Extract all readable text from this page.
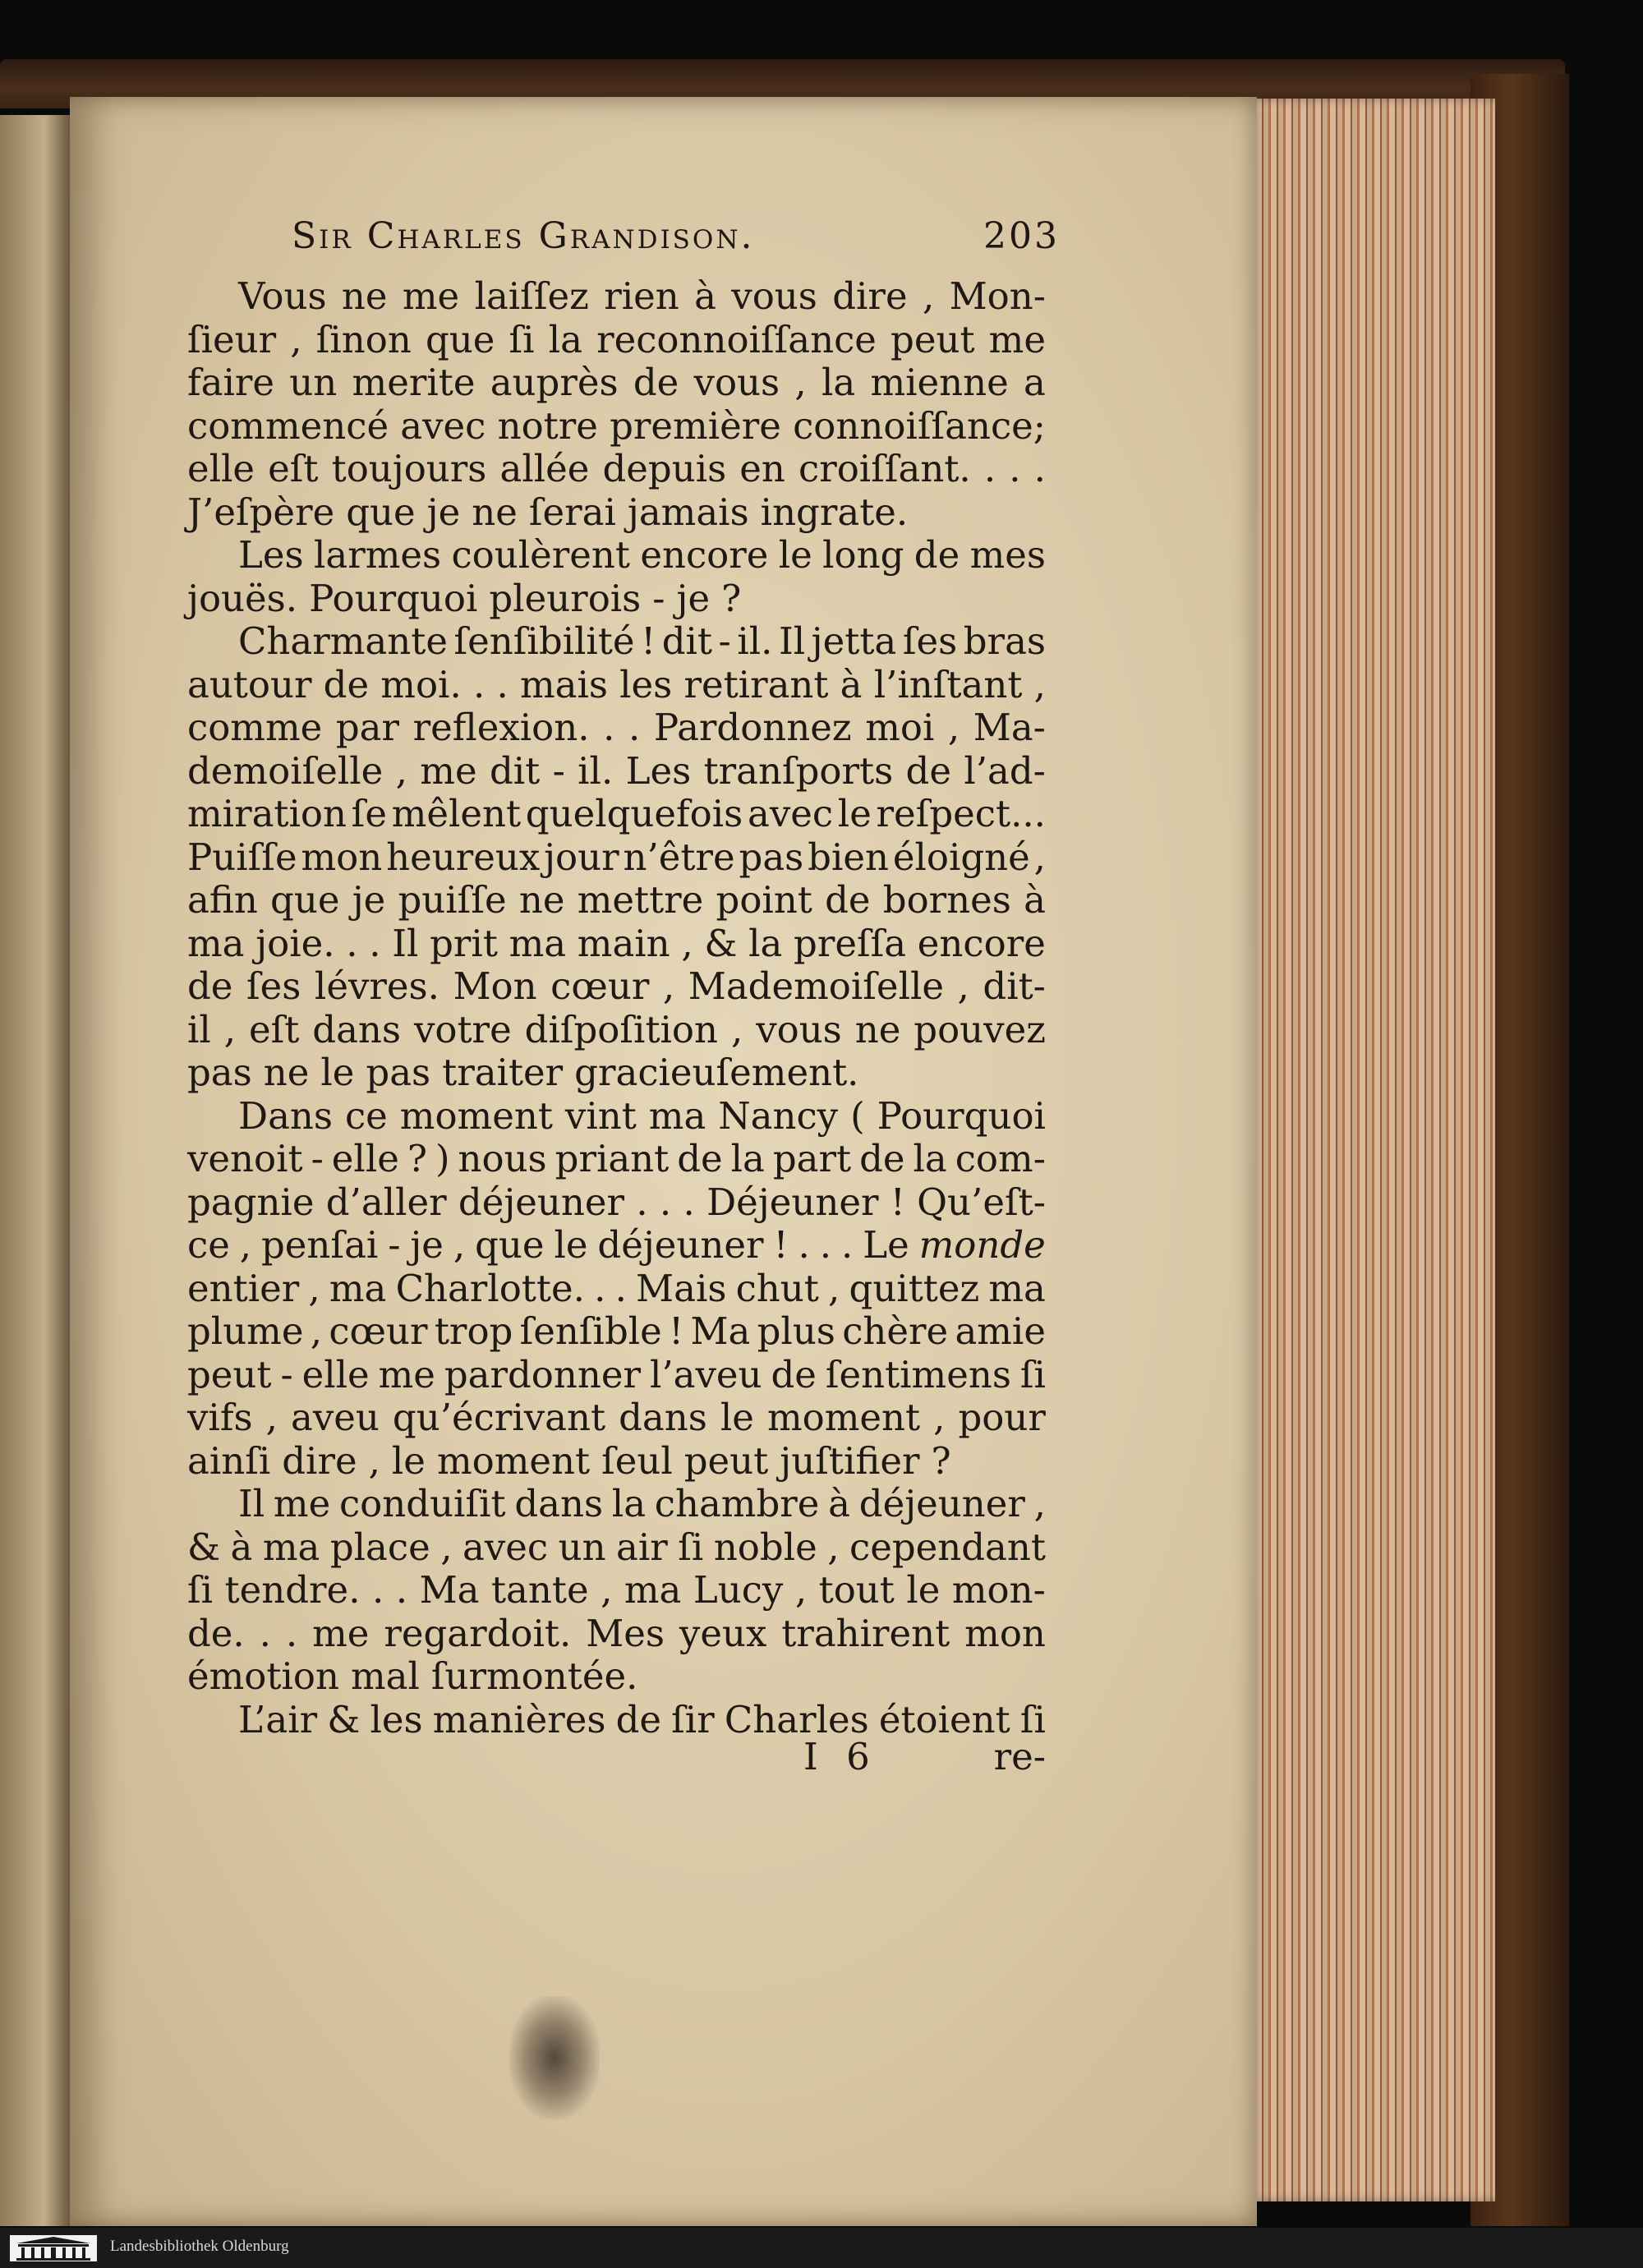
Sir Charles Grandison.	203
Vous ne me laiſſez rien à vous dire , Mon-
ſieur , ſinon que ſi la reconnoiſſance peut me
faire un merite auprès de vous , la mienne a
commencé avec notre première connoiſſance;
elle eſt toujours allée depuis en croiſſant. . . .
J’eſpère que je ne ſerai jamais ingrate.
Les larmes coulèrent encore le long de mes
jouës. Pourquoi pleurois - je ?
Charmante ſenſibilité ! dit - il. Il jetta ſes bras
autour de moi. . . mais les retirant à l’inſtant ,
comme par reflexion. . . Pardonnez moi , Ma-
demoiſelle , me dit - il. Les tranſports de l’ad-
miration ſe mêlent quelquefois avec le reſpect...
Puiſſe mon heureux jour n’être pas bien éloigné ,
afin que je puiſſe ne mettre point de bornes à
ma joie. . . Il prit ma main , & la preſſa encore
de ſes lévres. Mon cœur , Mademoiſelle , dit-
il , eſt dans votre diſpoſition , vous ne pouvez
pas ne le pas traiter gracieuſement.
Dans ce moment vint ma Nancy ( Pourquoi
venoit - elle ? ) nous priant de la part de la com-
pagnie d’aller déjeuner . . . Déjeuner ! Qu’eſt-
ce , penſai - je , que le déjeuner ! . . . Le monde
entier , ma Charlotte. . . Mais chut , quittez ma
plume , cœur trop ſenſible ! Ma plus chère amie
peut - elle me pardonner l’aveu de ſentimens ſi
vifs , aveu qu’écrivant dans le moment , pour
ainſi dire , le moment ſeul peut juſtifier ?
Il me conduiſit dans la chambre à déjeuner ,
& à ma place , avec un air ſi noble , cependant
ſi tendre. . . Ma tante , ma Lucy , tout le mon-
de. . . me regardoit. Mes yeux trahirent mon
émotion mal ſurmontée.
L’air & les manières de ſir Charles étoient ſi
I 6	re-
Landesbibliothek Oldenburg
